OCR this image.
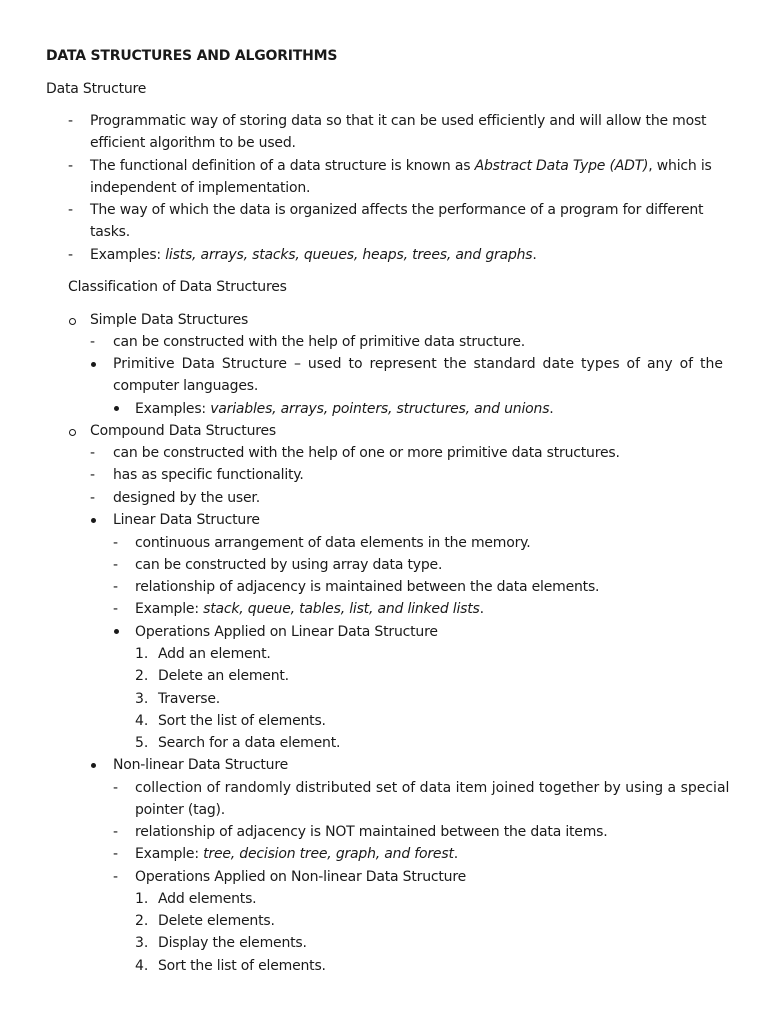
DATA STRUCTURES AND ALGORITHMS
Data Structure
- Programmatic way of storing data so that it can be used efficiently and will allow the most
efficient algorithm to be used.
- The functional definition of a data structure is known as Abstract Data Type (ADT), which is
independent of implementation.
- The way of which the data is organized affects the performance of a program for different
tasks.
- Examples: lists, arrays, stacks, queues, heaps, trees, and graphs.
Classification of Data Structures
Simple Data Structures
- can be constructed with the help of primitive data structure.
Primitive Data Structure – used to represent the standard date types of any of the
computer languages.
Examples: variables, arrays, pointers, structures, and unions.
Compound Data Structures
- can be constructed with the help of one or more primitive data structures.
- has as specific functionality.
- designed by the user.
Linear Data Structure
- continuous arrangement of data elements in the memory.
- can be constructed by using array data type.
- relationship of adjacency is maintained between the data elements.
- Example: stack, queue, tables, list, and linked lists.
Operations Applied on Linear Data Structure
1. Add an element.
2. Delete an element.
3. Traverse.
4. Sort the list of elements.
5. Search for a data element.
Non-linear Data Structure
- collection of randomly distributed set of data item joined together by using a special
pointer (tag).
- relationship of adjacency is NOT maintained between the data items.
- Example: tree, decision tree, graph, and forest.
- Operations Applied on Non-linear Data Structure
1. Add elements.
2. Delete elements.
3. Display the elements.
4. Sort the list of elements.
